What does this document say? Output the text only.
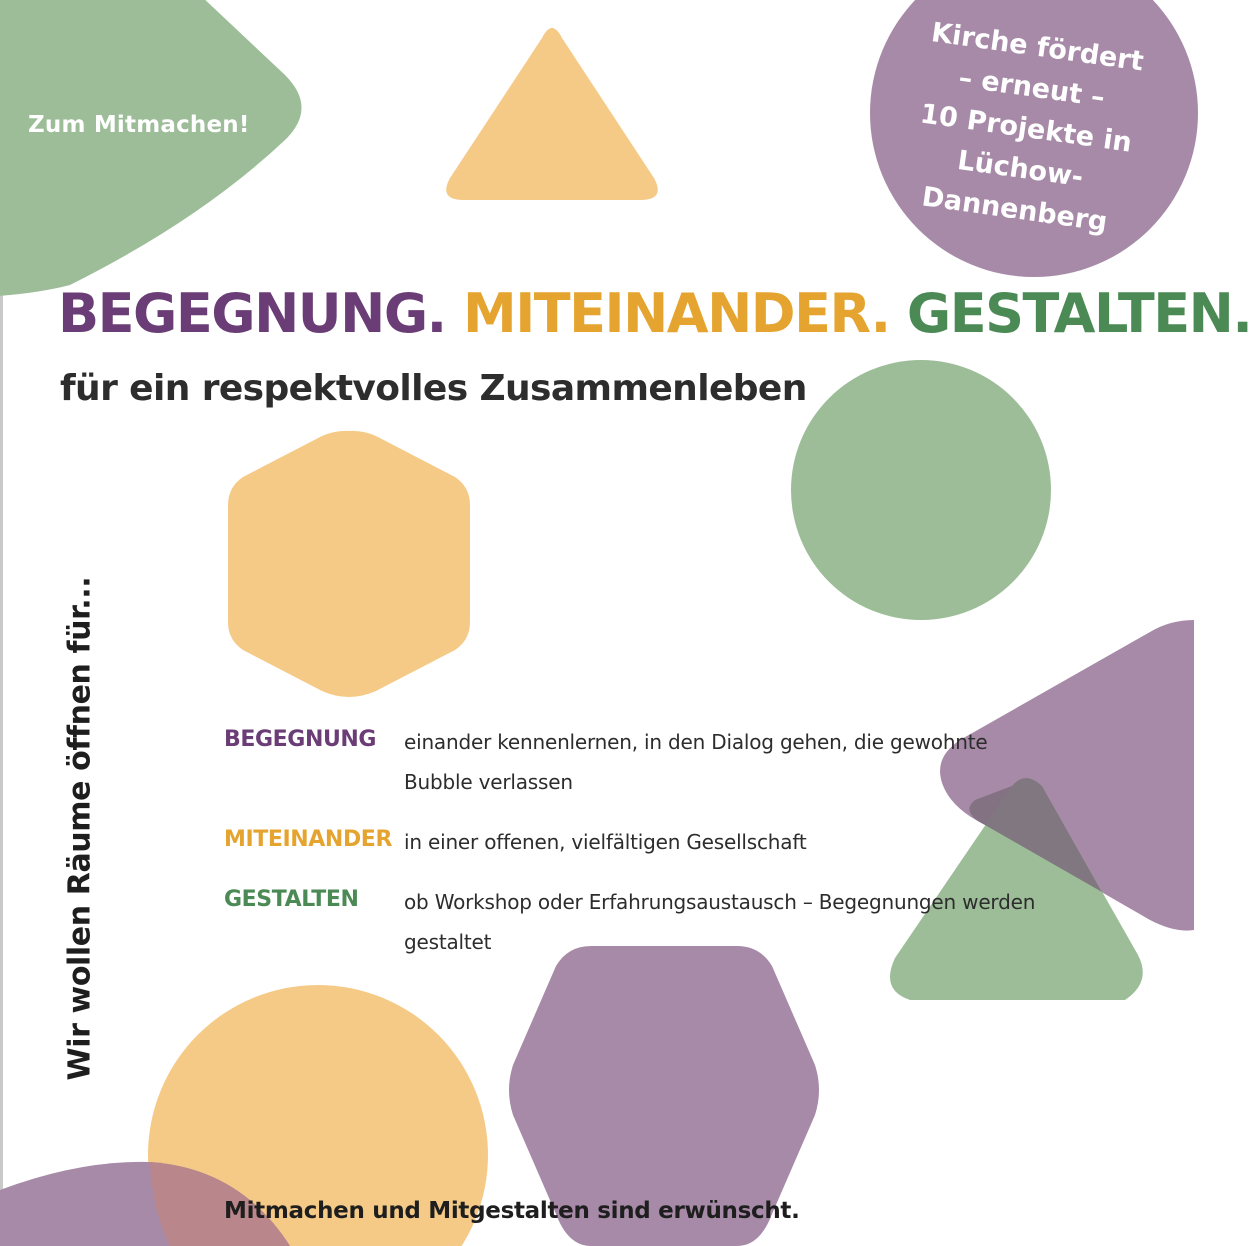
Zum Mitmachen!
Kirche fördert
– erneut –
10 Projekte in
Lüchow-Dannenberg
BEGEGNUNG. MITEINANDER. GESTALTEN.
für ein respektvolles Zusammenleben
Wir wollen Räume öffnen für...	BEGEGNUNG	einander kennenlernen, in den Dialog gehen, die gewohnte Bubble verlassen
MITEINANDER in einer offenen, vielfältigen Gesellschaft
GESTALTEN	ob Workshop oder Erfahrungsaustausch – Begegnungen werden gestaltet
Mitmachen und Mitgestalten sind erwünscht.
